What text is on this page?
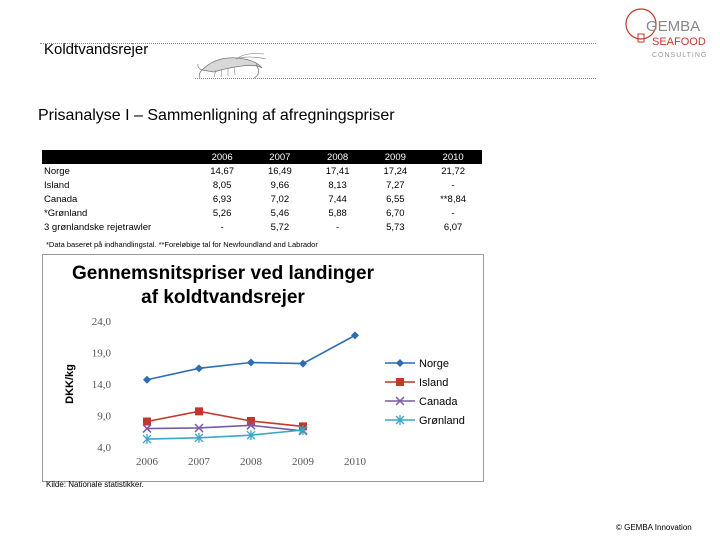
Koldtvandsrejer
GEMBA
SEAFOOD
CONSULTING
Prisanalyse I – Sammenligning af afregningspriser
	2006	2007	2008	2009	2010
Norge	14,67	16,49	17,41	17,24	21,72
Island	8,05	9,66	8,13	7,27	-
Canada	6,93	7,02	7,44	6,55	**8,84
*Grønland	5,26	5,46	5,88	6,70	-
3 grønlandske rejetrawler	-	5,72	-	5,73	6,07
*Data baseret på indhandlingstal. **Foreløbige tal for Newfoundland and Labrador
Gennemsnitspriser ved landinger
af koldtvandsrejer
DKK/kg
24,0
19,0
14,0
9,0
4,0
2006	2007	2008	2009	2010
Norge
Island
Canada
Grønland
Kilde: Nationale statistikker.
© GEMBA Innovation
